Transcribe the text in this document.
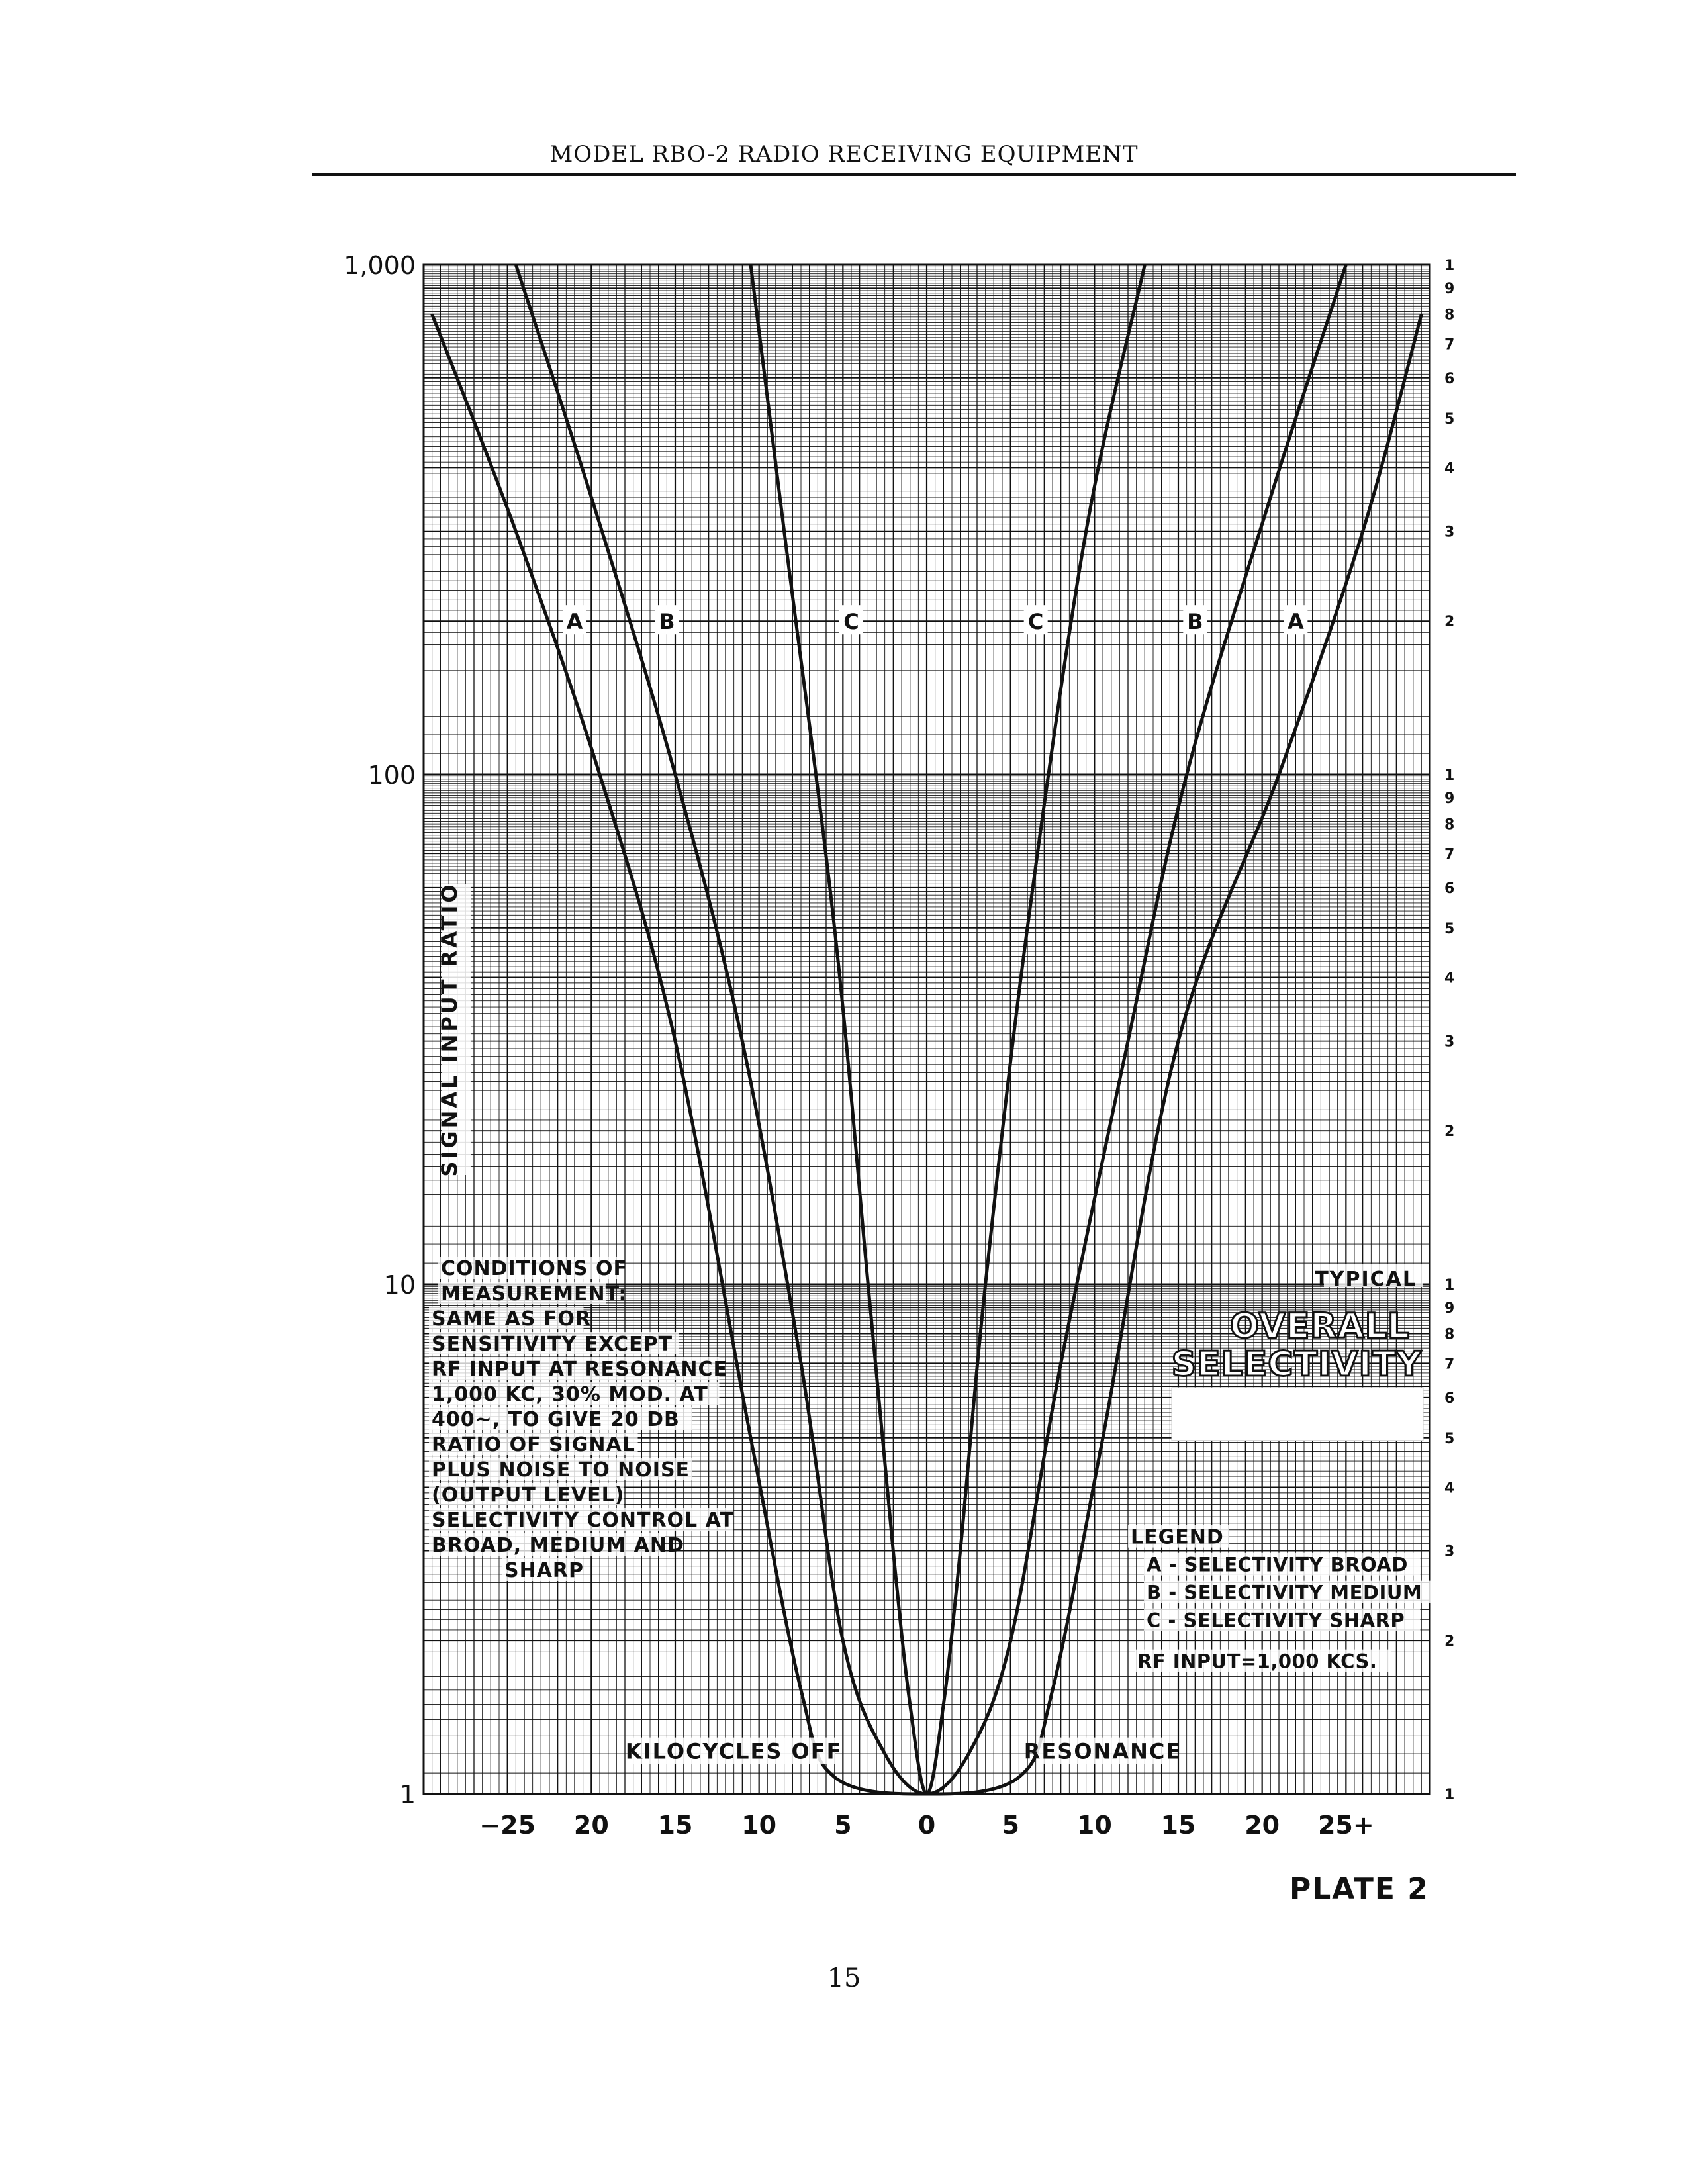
MODEL RBO-2 RADIO RECEIVING EQUIPMENT
A	B	C	C	B	A
1
10
100
1,000
1
2
3
4
5
6
7
8
9
1
2
3
4
5
6
7
8
9
1
2
3
4
5
6
7
8
9
1
−25 20 15 10 5	0	5 10 15 20 25+
SIGNAL INPUT RATIO
KILOCYCLES OFF	RESONANCE
CONDITIONS OF
MEASUREMENT:
SAME AS FOR
SENSITIVITY EXCEPT
RF INPUT AT RESONANCE
1,000 KC, 30% MOD. AT
400~, TO GIVE 20 DB
RATIO OF SIGNAL
PLUS NOISE TO NOISE
(OUTPUT LEVEL)
SELECTIVITY CONTROL AT
BROAD, MEDIUM AND
SHARP
TYPICAL
OVERALL
SELECTIVITY
LEGEND
A - SELECTIVITY BROAD
B - SELECTIVITY MEDIUM
C - SELECTIVITY SHARP
RF INPUT=1,000 KCS.
PLATE 2
15
